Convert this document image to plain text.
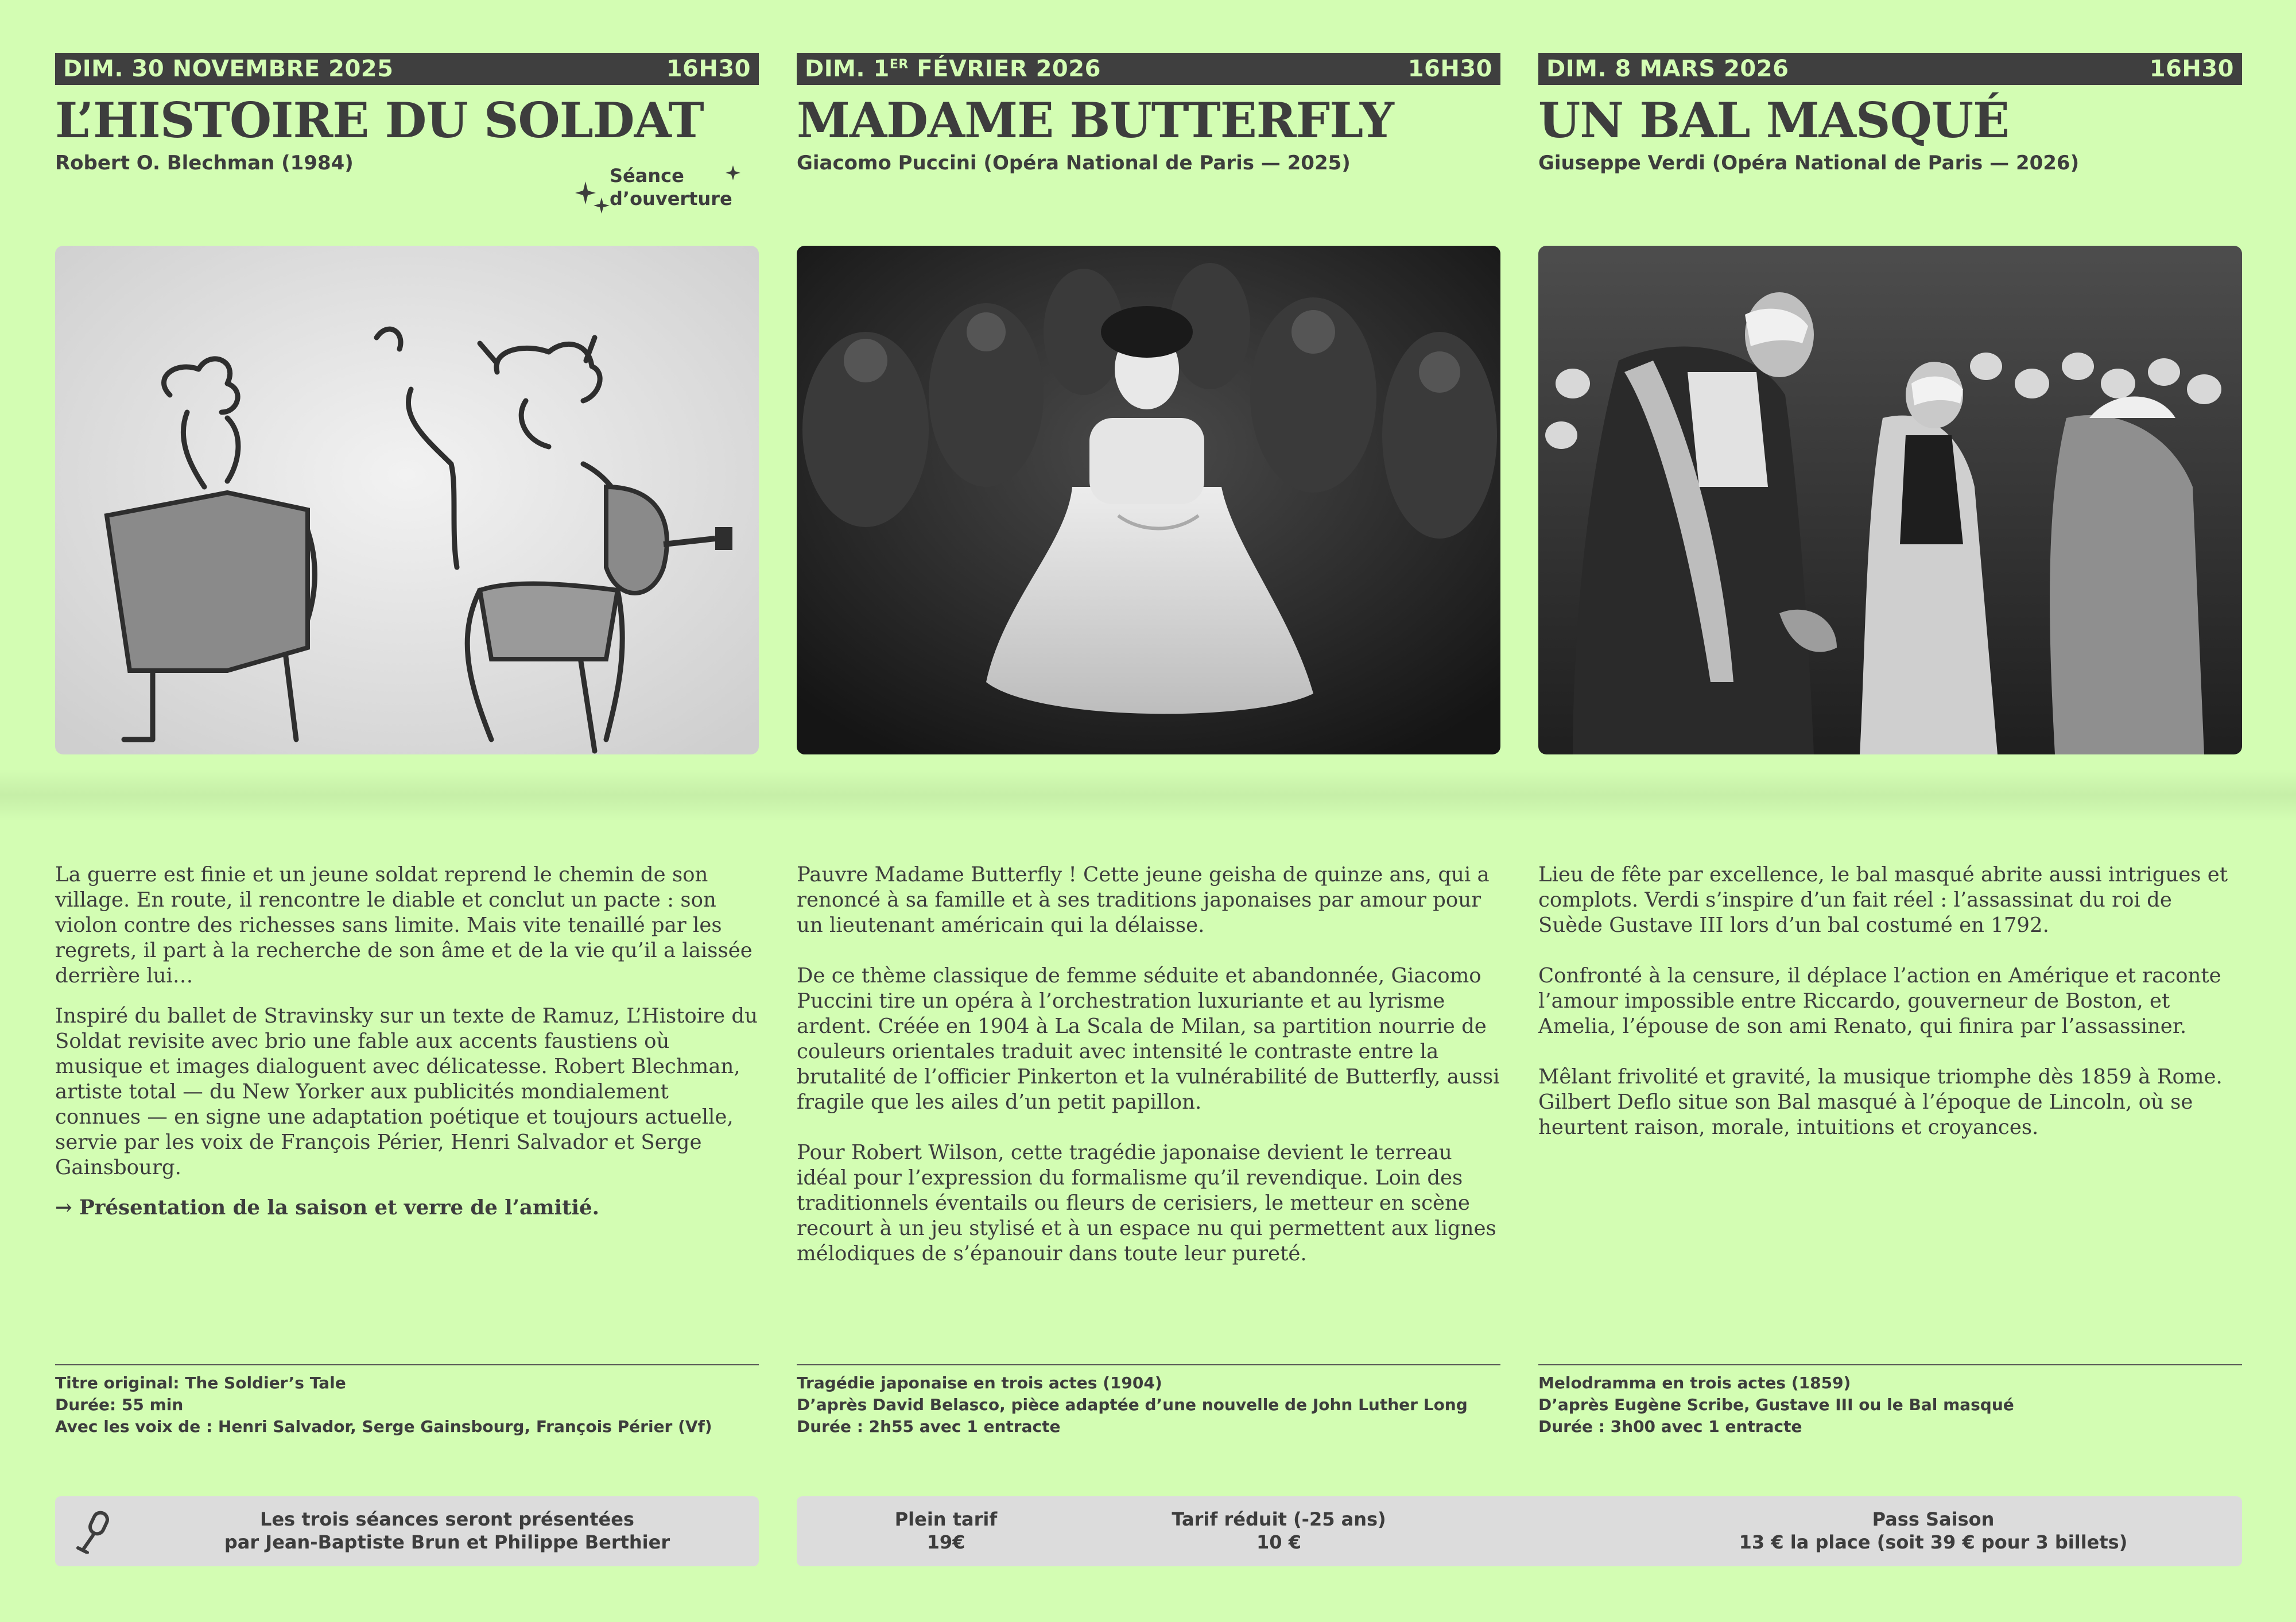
DIM. 30 NOVEMBRE 2025	16H30
L’HISTOIRE DU SOLDAT
Robert O. Blechman (1984)
Séance
d’ouverture

La guerre est finie et un jeune soldat reprend le chemin de son village. En route, il rencontre le diable et conclut un pacte : son violon contre des richesses sans limite. Mais vite tenaillé par les regrets, il part à la recherche de son âme et de la vie qu’il a laissée derrière lui…

Inspiré du ballet de Stravinsky sur un texte de Ramuz, L’Histoire du Soldat revisite avec brio une fable aux accents faustiens où musique et images dialoguent avec délicatesse. Robert Blechman, artiste total — du New Yorker aux publicités mondialement connues — en signe une adaptation poétique et toujours actuelle, servie par les voix de François Périer, Henri Salvador et Serge Gainsbourg.

→ Présentation de la saison et verre de l’amitié.

Titre original: The Soldier’s Tale
Durée: 55 min
Avec les voix de : Henri Salvador, Serge Gainsbourg, François Périer (Vf)
DIM. 1ER FÉVRIER 2026	16H30
MADAME BUTTERFLY
Giacomo Puccini (Opéra National de Paris — 2025)

Pauvre Madame Butterfly ! Cette jeune geisha de quinze ans, qui a renoncé à sa famille et à ses traditions japonaises par amour pour un lieutenant américain qui la délaisse.

De ce thème classique de femme séduite et abandonnée, Giacomo Puccini tire un opéra à l’orchestration luxuriante et au lyrisme ardent. Créée en 1904 à La Scala de Milan, sa partition nourrie de couleurs orientales traduit avec intensité le contraste entre la brutalité de l’officier Pinkerton et la vulnérabilité de Butterfly, aussi fragile que les ailes d’un petit papillon.

Pour Robert Wilson, cette tragédie japonaise devient le terreau idéal pour l’expression du formalisme qu’il revendique. Loin des traditionnels éventails ou fleurs de cerisiers, le metteur en scène recourt à un jeu stylisé et à un espace nu qui permettent aux lignes mélodiques de s’épanouir dans toute leur pureté.

Tragédie japonaise en trois actes (1904)
D’après David Belasco, pièce adaptée d’une nouvelle de John Luther Long
Durée : 2h55 avec 1 entracte
DIM. 8 MARS 2026	16H30
UN BAL MASQUÉ
Giuseppe Verdi (Opéra National de Paris — 2026)

Lieu de fête par excellence, le bal masqué abrite aussi intrigues et complots. Verdi s’inspire d’un fait réel : l’assassinat du roi de Suède Gustave III lors d’un bal costumé en 1792.

Confronté à la censure, il déplace l’action en Amérique et raconte l’amour impossible entre Riccardo, gouverneur de Boston, et Amelia, l’épouse de son ami Renato, qui finira par l’assassiner.

Mêlant frivolité et gravité, la musique triomphe dès 1859 à Rome. Gilbert Deflo situe son Bal masqué à l’époque de Lincoln, où se heurtent raison, morale, intuitions et croyances.

Melodramma en trois actes (1859)
D’après Eugène Scribe, Gustave III ou le Bal masqué
Durée : 3h00 avec 1 entracte
Les trois séances seront présentées
par Jean-Baptiste Brun et Philippe Berthier
Plein tarif
19€
Tarif réduit (-25 ans)
10 €
Pass Saison
13 € la place (soit 39 € pour 3 billets)
